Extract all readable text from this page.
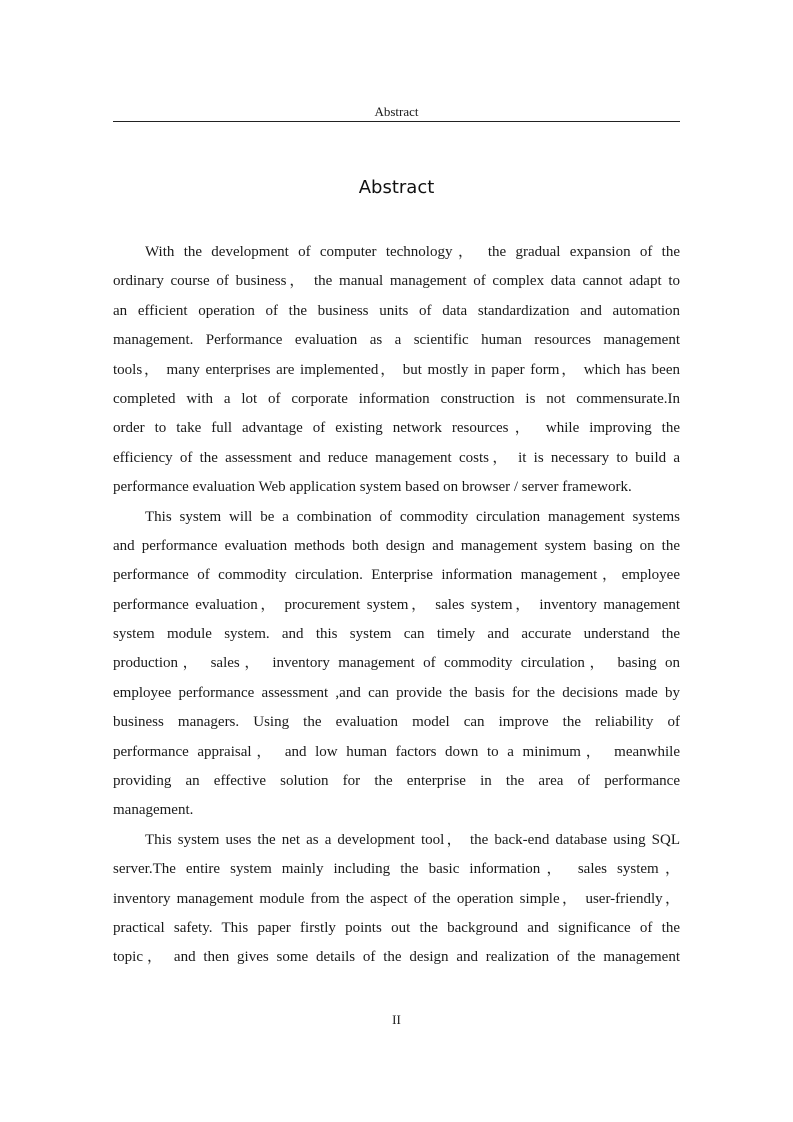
Abstract
Abstract
With the development of computer technology， the gradual expansion of the
ordinary course of business， the manual management of complex data cannot adapt to
an efficient operation of the business units of data standardization and automation
management. Performance evaluation as a scientific human resources management
tools， many enterprises are implemented， but mostly in paper form， which has been
completed with a lot of corporate information construction is not commensurate.In
order to take full advantage of existing network resources， while improving the
efficiency of the assessment and reduce management costs， it is necessary to build a
performance evaluation Web application system based on browser / server framework.
This system will be a combination of commodity circulation management systems
and performance evaluation methods both design and management system basing on the
performance of commodity circulation. Enterprise information management，employee
performance evaluation， procurement system， sales system， inventory management
system module system. and this system can timely and accurate understand the
production， sales， inventory management of commodity circulation， basing on
employee performance assessment ,and can provide the basis for the decisions made by
business managers. Using the evaluation model can improve the reliability of
performance appraisal， and low human factors down to a minimum， meanwhile
providing an effective solution for the enterprise in the area of performance
management.
This system uses the net as a development tool， the back-end database using SQL
server.The entire system mainly including the basic information， sales system，
inventory management module from the aspect of the operation simple， user-friendly，
practical safety. This paper firstly points out the background and significance of the
topic， and then gives some details of the design and realization of the management
II
